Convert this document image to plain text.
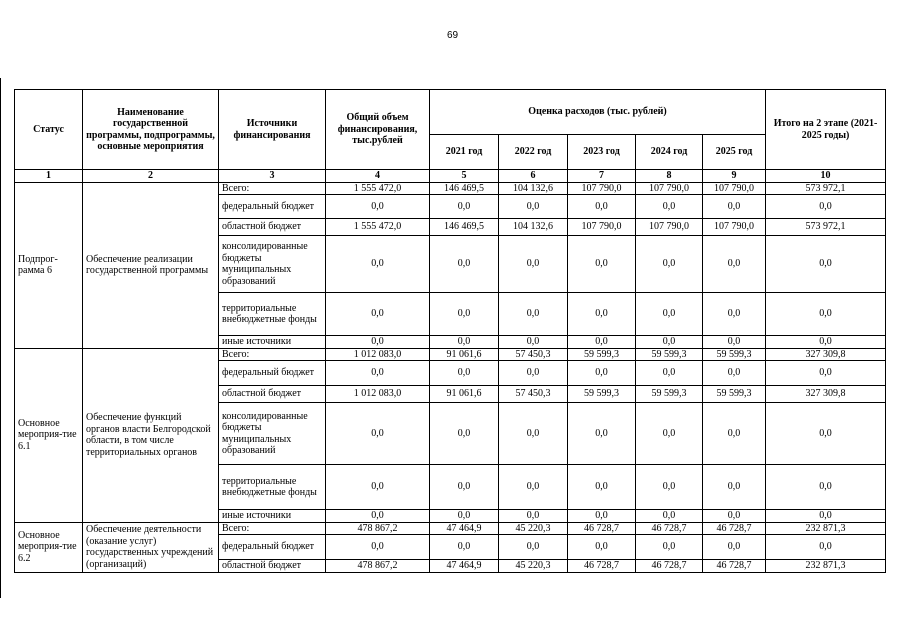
69
Статус	Наименование государственной программы, подпрограммы, основные мероприятия	Источники финансирования	Общий объем финансирования, тыс.рублей	Оценка расходов (тыс. рублей)					Итого на 2 этапе (2021-2025 годы)
				2021 год	2022 год	2023 год	2024 год	2025 год	
1	2	3	4	5	6	7	8	9	10
Подпрог-рамма 6	Обеспечение реализации государственной программы	Всего:	1 555 472,0	146 469,5	104 132,6	107 790,0	107 790,0	107 790,0	573 972,1
		федеральный бюджет	0,0	0,0	0,0	0,0	0,0	0,0	0,0
		областной бюджет	1 555 472,0	146 469,5	104 132,6	107 790,0	107 790,0	107 790,0	573 972,1
		консолидированные бюджеты муниципальных образований	0,0	0,0	0,0	0,0	0,0	0,0	0,0
		территориальные внебюджетные фонды	0,0	0,0	0,0	0,0	0,0	0,0	0,0
		иные источники	0,0	0,0	0,0	0,0	0,0	0,0	0,0
Основное мероприя-тие 6.1	Обеспечение функций органов власти Белгородской области, в том числе территориальных органов	Всего:	1 012 083,0	91 061,6	57 450,3	59 599,3	59 599,3	59 599,3	327 309,8
		федеральный бюджет	0,0	0,0	0,0	0,0	0,0	0,0	0,0
		областной бюджет	1 012 083,0	91 061,6	57 450,3	59 599,3	59 599,3	59 599,3	327 309,8
		консолидированные бюджеты муниципальных образований	0,0	0,0	0,0	0,0	0,0	0,0	0,0
		территориальные внебюджетные фонды	0,0	0,0	0,0	0,0	0,0	0,0	0,0
		иные источники	0,0	0,0	0,0	0,0	0,0	0,0	0,0
Основное мероприя-тие 6.2	Обеспечение деятельности (оказание услуг) государственных учреждений (организаций)	Всего:	478 867,2	47 464,9	45 220,3	46 728,7	46 728,7	46 728,7	232 871,3
		федеральный бюджет	0,0	0,0	0,0	0,0	0,0	0,0	0,0
		областной бюджет	478 867,2	47 464,9	45 220,3	46 728,7	46 728,7	46 728,7	232 871,3
